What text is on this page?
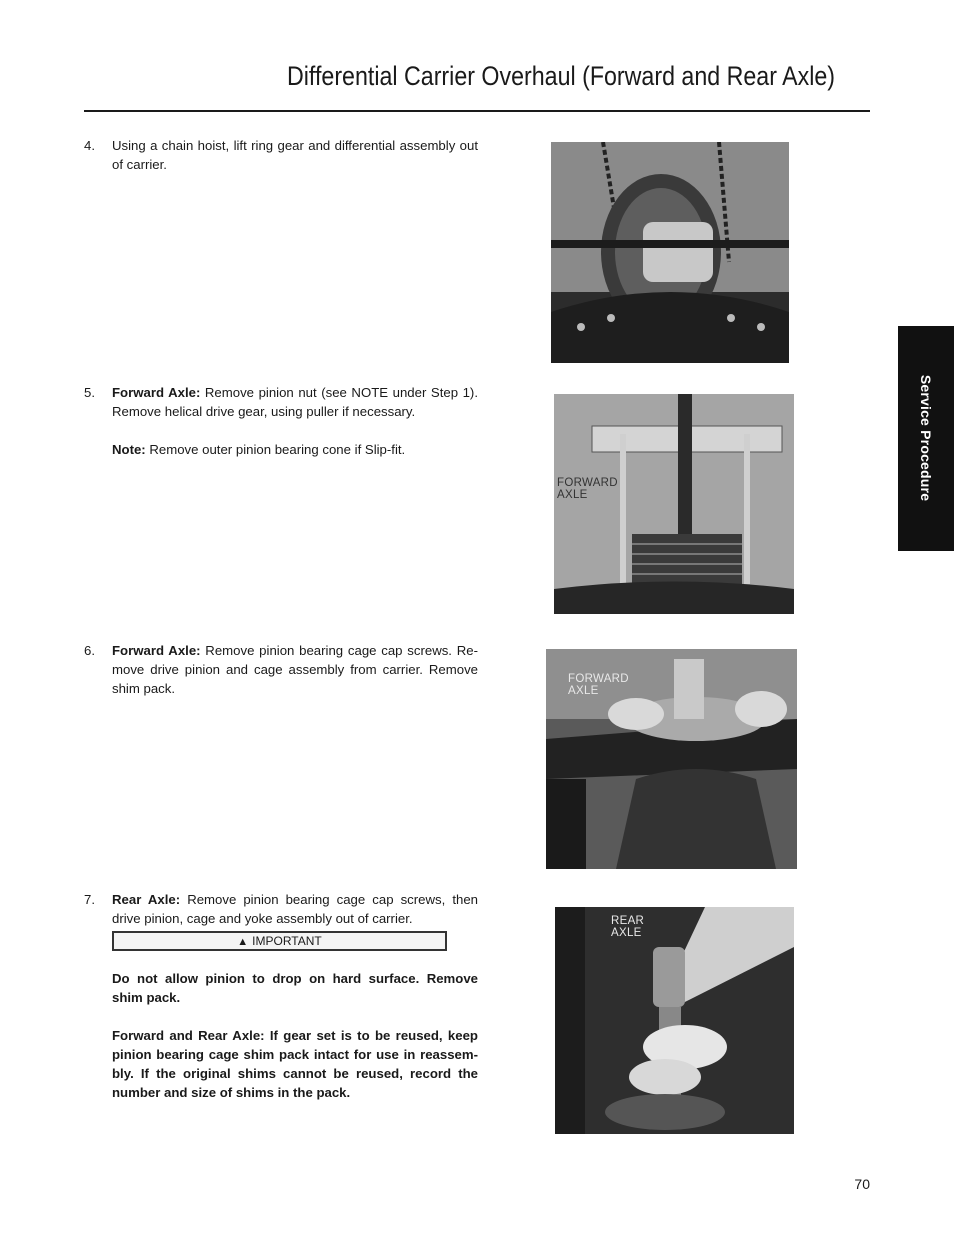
Differential Carrier Overhaul (Forward and Rear Axle)
Service Procedure
4. Using a chain hoist, lift ring gear and differential assembly out of carrier.

5. Forward Axle: Remove pinion nut (see NOTE under Step 1). Remove helical drive gear, using puller if necessary.

Note: Remove outer pinion bearing cone if Slip-fit.

6. Forward Axle: Remove pinion bearing cage cap screws. Re-move drive pinion and cage assembly from carrier. Remove shim pack.

7. Rear Axle: Remove pinion bearing cage cap screws, then drive pinion, cage and yoke assembly out of carrier.

▲ IMPORTANT

Do not allow pinion to drop on hard surface. Remove shim pack.

Forward and Rear Axle: If gear set is to be reused, keep pinion bearing cage shim pack intact for use in reassem-bly. If the original shims cannot be reused, record the number and size of shims in the pack.

FORWARD
AXLE
FORWARD
AXLE
REAR
AXLE
70
